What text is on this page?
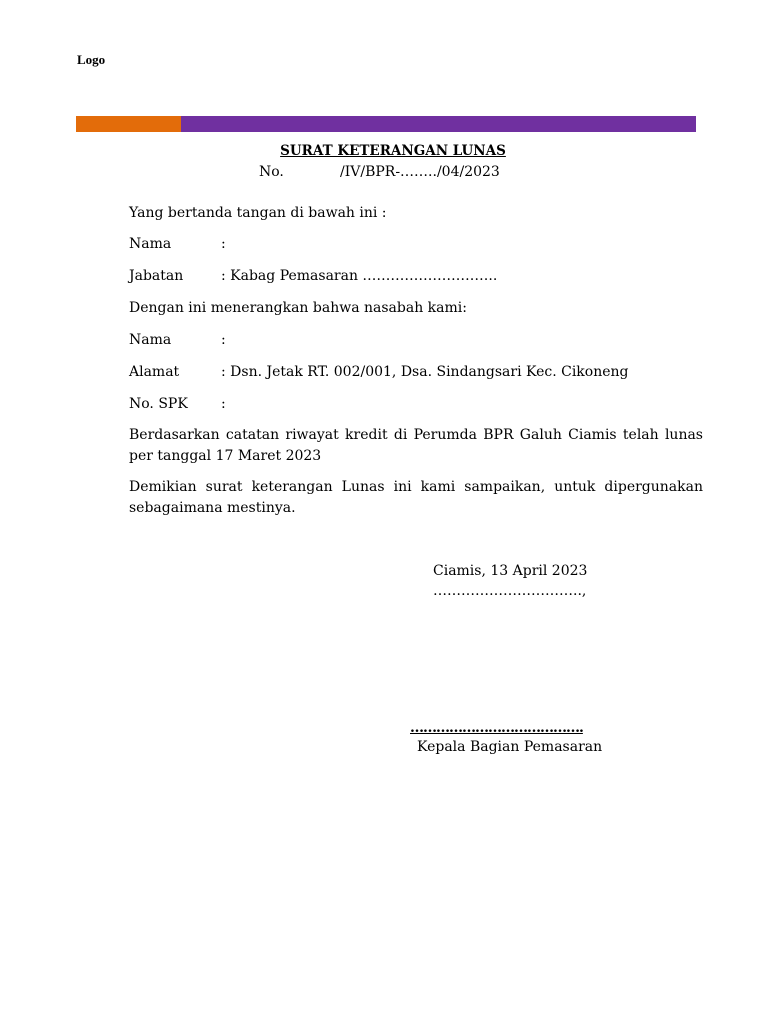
Logo
SURAT KETERANGAN LUNAS
No.	/IV/BPR-……../04/2023
Yang bertanda tangan di bawah ini :
Nama	:
Jabatan	: Kabag Pemasaran ………………………..
Dengan ini menerangkan bahwa nasabah kami:
Nama	:
Alamat	: Dsn. Jetak RT. 002/001, Dsa. Sindangsari Kec. Cikoneng
No. SPK :
Berdasarkan catatan riwayat kredit di Perumda BPR Galuh Ciamis telah lunas per tanggal 17 Maret 2023
Demikian surat keterangan Lunas ini kami sampaikan, untuk dipergunakan sebagaimana mestinya.
Ciamis, 13 April 2023
…………………………..,
………………………………….
Kepala Bagian Pemasaran
